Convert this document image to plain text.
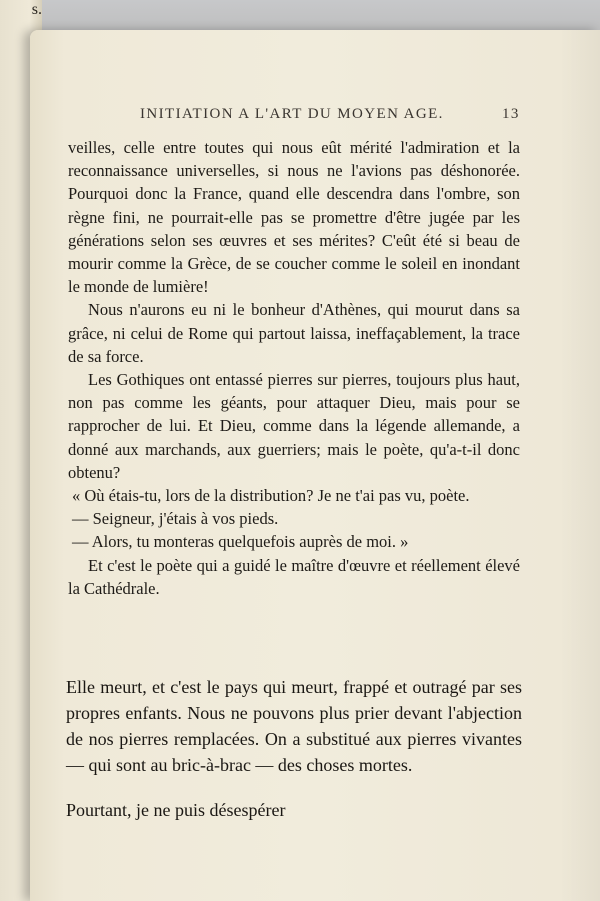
s.
INITIATION A L'ART DU MOYEN AGE.	13

veilles, celle entre toutes qui nous eût mérité l'admiration et la reconnaissance universelles, si nous ne l'avions pas déshonorée. Pourquoi donc la France, quand elle descendra dans l'ombre, son règne fini, ne pourrait-elle pas se promettre d'être jugée par les générations selon ses œuvres et ses mérites? C'eût été si beau de mourir comme la Grèce, de se coucher comme le soleil en inondant le monde de lumière!

Nous n'aurons eu ni le bonheur d'Athènes, qui mourut dans sa grâce, ni celui de Rome qui partout laissa, ineffaçablement, la trace de sa force.

Les Gothiques ont entassé pierres sur pierres, toujours plus haut, non pas comme les géants, pour attaquer Dieu, mais pour se rapprocher de lui. Et Dieu, comme dans la légende allemande, a donné aux marchands, aux guerriers; mais le poète, qu'a-t-il donc obtenu?

« Où étais-tu, lors de la distribution? Je ne t'ai pas vu, poète.

— Seigneur, j'étais à vos pieds.

— Alors, tu monteras quelquefois auprès de moi. »

Et c'est le poète qui a guidé le maître d'œuvre et réellement élevé la Cathédrale.

Elle meurt, et c'est le pays qui meurt, frappé et outragé par ses propres enfants. Nous ne pouvons plus prier devant l'abjection de nos pierres remplacées. On a substitué aux pierres vivantes — qui sont au bric-à-brac — des choses mortes.

Pourtant, je ne puis désespérer
